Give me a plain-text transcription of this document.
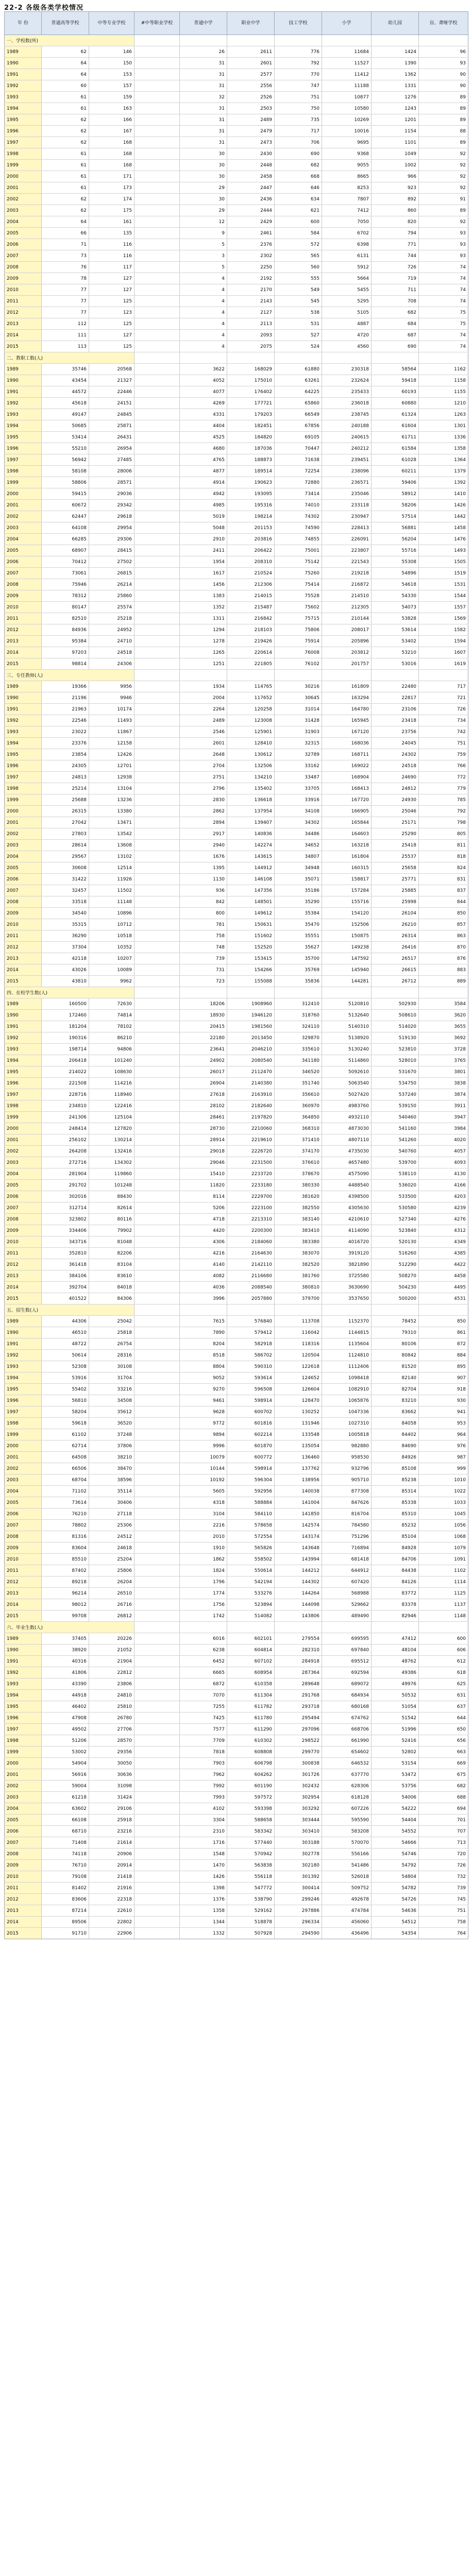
22-2 各级各类学校情况
年 份	普通高等学校	中等专业学校	#中等职业学校	普通中学	职业中学	技工学校	小学	幼儿园	盲、聋哑学校
一、学校数(所)									
1989	62	146		26	2611	776	11684	1424	96
1990	64	150		31	2601	792	11527	1390	93
1991	64	153		31	2577	770	11412	1362	90
1992	60	157		31	2556	747	11188	1331	90
1993	61	159		32	2526	751	10877	1276	89
1994	61	163		31	2503	750	10580	1243	89
1995	62	166		31	2489	735	10269	1201	89
1996	62	167		31	2479	717	10016	1154	88
1997	62	168		31	2473	706	9695	1101	89
1998	61	168		30	2430	690	9368	1049	92
1999	61	168		30	2448	682	9055	1002	92
2000	61	171		30	2458	668	8665	966	92
2001	61	173		29	2447	646	8253	923	92
2002	62	174		30	2436	634	7807	892	91
2003	62	175		29	2444	621	7412	860	89
2004	64	161		12	2429	600	7050	820	92
2005	66	135		9	2461	584	6702	794	93
2006	71	116		5	2376	572	6398	771	93
2007	73	116		3	2302	565	6131	744	93
2008	76	117		5	2250	560	5912	726	74
2009	78	127		4	2192	555	5664	719	74
2010	77	127		4	2170	549	5455	711	74
2011	77	125		4	2143	545	5295	708	74
2012	77	123		4	2127	538	5105	682	75
2013	112	125		4	2113	531	4887	684	75
2014	111	127		4	2093	527	4720	687	74
2015	113	125		4	2075	524	4560	690	74
二、教职工数(人)									
1989	35746	20568		3622	168029	61880	230318	58564	1162
1990	43454	21327		4052	175010	63261	232624	59418	1158
1991	44572	22446		4077	176402	64225	235433	60193	1155
1992	45618	24151		4269	177721	65860	236018	60880	1210
1993	49147	24845		4331	179203	66549	238745	61324	1263
1994	50685	25871		4404	182451	67856	240188	61604	1301
1995	53414	26431		4525	184820	69105	240615	61711	1336
1996	55210	26954		4680	187036	70447	240212	61584	1358
1997	56942	27485		4765	188873	71638	239451	61028	1364
1998	58108	28006		4877	189514	72254	238096	60211	1379
1999	58806	28571		4914	190623	72880	236571	59406	1392
2000	59415	29036		4942	193095	73414	235046	58912	1410
2001	60672	29342		4985	195316	74010	233118	58206	1426
2002	62447	29618		5019	198214	74302	230947	57514	1442
2003	64108	29954		5048	201153	74590	228413	56881	1458
2004	66285	29306		2910	203816	74855	226091	56204	1476
2005	68907	28415		2411	206422	75001	223807	55716	1493
2006	70412	27502		1954	208310	75142	221543	55308	1505
2007	73061	26815		1617	210524	75260	219218	54896	1519
2008	75946	26214		1456	212306	75414	216872	54618	1531
2009	78312	25860		1383	214015	75528	214510	54330	1544
2010	80147	25574		1352	215487	75602	212305	54073	1557
2011	82510	25218		1311	216842	75715	210144	53828	1569
2012	84936	24952		1294	218103	75806	208017	53614	1582
2013	95384	24710		1278	219426	75914	205896	53402	1594
2014	97203	24518		1265	220614	76008	203812	53210	1607
2015	98814	24306		1251	221805	76102	201757	53016	1619
三、专任教师(人)									
1989	19366	9956		1934	114765	30216	161809	22480	717
1990	21196	9946		2004	117652	30645	163294	22817	721
1991	21963	10174		2264	120258	31014	164780	23106	726
1992	22546	11493		2489	123008	31428	165945	23418	734
1993	23022	11867		2546	125901	31903	167120	23756	742
1994	23376	12158		2601	128410	32315	168036	24045	751
1995	23854	12426		2648	130612	32789	168711	24302	759
1996	24305	12701		2704	132506	33162	169022	24518	766
1997	24813	12938		2751	134210	33487	168904	24690	772
1998	25214	13104		2796	135402	33705	168413	24812	779
1999	25688	13236		2830	136618	33916	167720	24930	785
2000	26315	13380		2862	137954	34108	166905	25046	792
2001	27042	13471		2894	139407	34302	165844	25171	798
2002	27803	13542		2917	140836	34486	164603	25290	805
2003	28614	13608		2940	142274	34652	163218	25418	811
2004	29567	13102		1676	143615	34807	161804	25537	818
2005	30608	12514		1395	144912	34948	160315	25658	824
2006	31422	11926		1130	146108	35071	158817	25771	831
2007	32457	11502		936	147356	35186	157284	25885	837
2008	33518	11148		842	148501	35290	155716	25998	844
2009	34540	10896		800	149612	35384	154120	26104	850
2010	35315	10712		781	150631	35470	152506	26210	857
2011	36290	10518		758	151602	35551	150875	26314	863
2012	37304	10352		748	152520	35627	149238	26416	870
2013	42118	10207		739	153415	35700	147592	26517	876
2014	43026	10089		731	154266	35769	145940	26615	883
2015	43810	9962		723	155088	35836	144281	26712	889
四、在校学生数(人)									
1989	160500	72630		18206	1908960	312410	5120810	502930	3584
1990	172460	74814		18930	1946120	318760	5132640	508610	3620
1991	181204	78102		20415	1981560	324110	5140310	514020	3655
1992	190316	86210		22180	2013450	329870	5138920	519130	3692
1993	198714	94806		23641	2046210	335610	5130240	523810	3728
1994	206418	101240		24902	2080540	341180	5114860	528010	3765
1995	214022	108630		26017	2112470	346520	5092610	531670	3801
1996	221508	114216		26904	2140380	351740	5063540	534750	3838
1997	228716	118940		27618	2163910	356610	5027420	537240	3874
1998	234810	122416		28102	2182640	360970	4983760	539150	3911
1999	241306	125104		28461	2197820	364850	4932110	540460	3947
2000	248414	127820		28730	2210060	368310	4873030	541160	3984
2001	256102	130214		28914	2219610	371410	4807110	541260	4020
2002	264208	132416		29018	2226720	374170	4735030	540760	4057
2003	272716	134302		29046	2231500	376610	4657480	539700	4093
2004	281904	119860		15410	2233720	378670	4575090	538110	4130
2005	291702	101248		11820	2233180	380330	4488540	536020	4166
2006	302016	88430		8114	2229700	381620	4398500	533500	4203
2007	312714	82614		5206	2223100	382550	4305630	530580	4239
2008	323802	80116		4718	2213310	383140	4210610	527340	4276
2009	334406	79902		4420	2200300	383410	4114090	523840	4312
2010	343716	81048		4306	2184060	383380	4016720	520130	4349
2011	352810	82206		4216	2164630	383070	3919120	516260	4385
2012	361418	83104		4140	2142110	382520	3821890	512290	4422
2013	384106	83610		4082	2116680	381760	3725580	508270	4458
2014	392704	84018		4036	2088540	380810	3630690	504230	4495
2015	401522	84306		3996	2057880	379700	3537650	500200	4531
五、招生数(人)									
1989	44306	25042		7615	576840	113708	1152370	78452	850
1990	46510	25818		7890	579412	116042	1144815	79310	861
1991	48722	26754		8204	582918	118316	1135604	80106	872
1992	50614	28316		8518	586702	120504	1124810	80842	884
1993	52308	30108		8804	590310	122618	1112406	81520	895
1994	53916	31704		9052	593614	124652	1098418	82140	907
1995	55402	33216		9270	596508	126604	1082910	82704	918
1996	56810	34508		9461	598914	128470	1065876	83210	930
1997	58204	35612		9628	600702	130252	1047336	83662	941
1998	59618	36520		9772	601816	131946	1027310	84058	953
1999	61102	37248		9894	602214	133548	1005818	84402	964
2000	62714	37806		9996	601870	135054	982880	84690	976
2001	64508	38210		10079	600772	136460	958530	84926	987
2002	66506	38470		10144	598914	137762	932796	85108	999
2003	68704	38596		10192	596304	138956	905710	85238	1010
2004	71102	35114		5605	592956	140038	877308	85314	1022
2005	73614	30406		4318	588884	141004	847626	85338	1033
2006	76210	27118		3104	584110	141850	816704	85310	1045
2007	78802	25306		2216	578658	142574	784580	85232	1056
2008	81316	24512		2010	572554	143174	751296	85104	1068
2009	83604	24618		1910	565826	143648	716894	84928	1079
2010	85510	25204		1862	558502	143994	681418	84706	1091
2011	87402	25806		1824	550614	144212	644912	84438	1102
2012	89218	26204		1796	542194	144302	607420	84126	1114
2013	96214	26510		1774	533276	144264	568988	83772	1125
2014	98012	26716		1756	523894	144098	529662	83378	1137
2015	99708	26812		1742	514082	143806	489490	82946	1148
六、毕业生数(人)									
1989	37405	20226		6016	602101	279554	699595	47412	600
1990	38920	21052		6238	604814	282310	697840	48104	606
1991	40316	21904		6452	607102	284918	695512	48762	612
1992	41806	22812		6665	608954	287364	692594	49386	618
1993	43390	23806		6872	610358	289648	689072	49976	625
1994	44918	24810		7070	611304	291768	684934	50532	631
1995	46402	25810		7255	611782	293718	680168	51054	637
1996	47908	26780		7425	611780	295494	674762	51542	644
1997	49502	27706		7577	611290	297096	668706	51996	650
1998	51206	28570		7709	610302	298522	661990	52416	656
1999	53002	29356		7818	608808	299770	654602	52802	663
2000	54904	30050		7903	606798	300838	646532	53154	669
2001	56916	30636		7962	604262	301726	637770	53472	675
2002	59004	31098		7992	601190	302432	628306	53756	682
2003	61218	31424		7993	597572	302954	618128	54006	688
2004	63602	29106		4102	593398	303292	607226	54222	694
2005	66108	25918		3304	588658	303444	595590	54404	701
2006	68710	23216		2310	583342	303410	583208	54552	707
2007	71408	21614		1716	577440	303188	570070	54666	713
2008	74118	20906		1548	570942	302778	556166	54746	720
2009	76710	20914		1470	563838	302180	541486	54792	726
2010	79108	21418		1426	556118	301392	526018	54804	732
2011	81402	21916		1398	547772	300414	509752	54782	739
2012	83606	22318		1376	538790	299246	492678	54726	745
2013	87214	22610		1358	529162	297886	474784	54636	751
2014	89506	22802		1344	518878	296334	456060	54512	758
2015	91710	22906		1332	507928	294590	436496	54354	764
